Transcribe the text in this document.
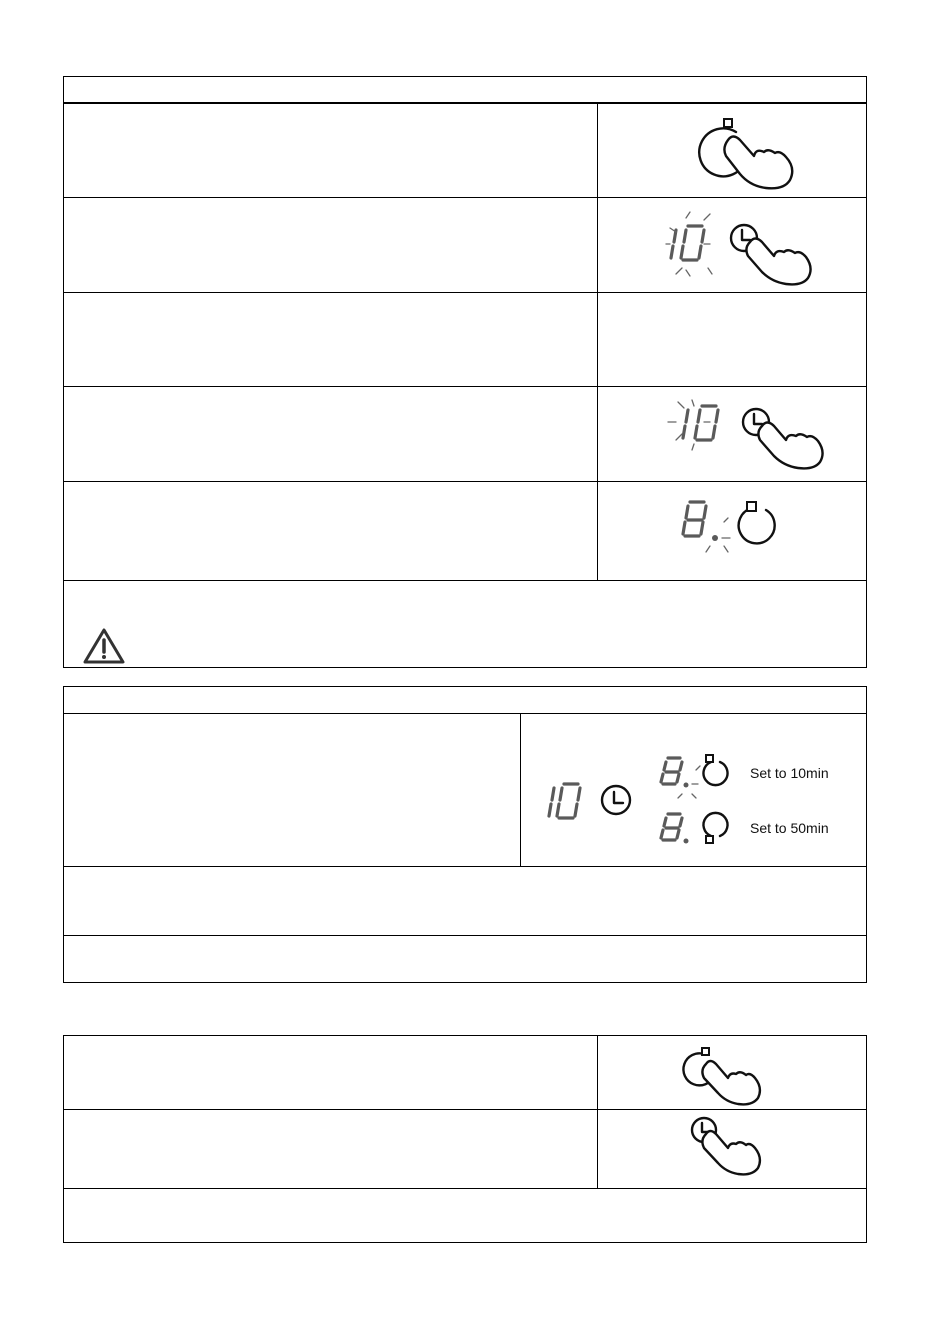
Set to 10min
Set to 50min
